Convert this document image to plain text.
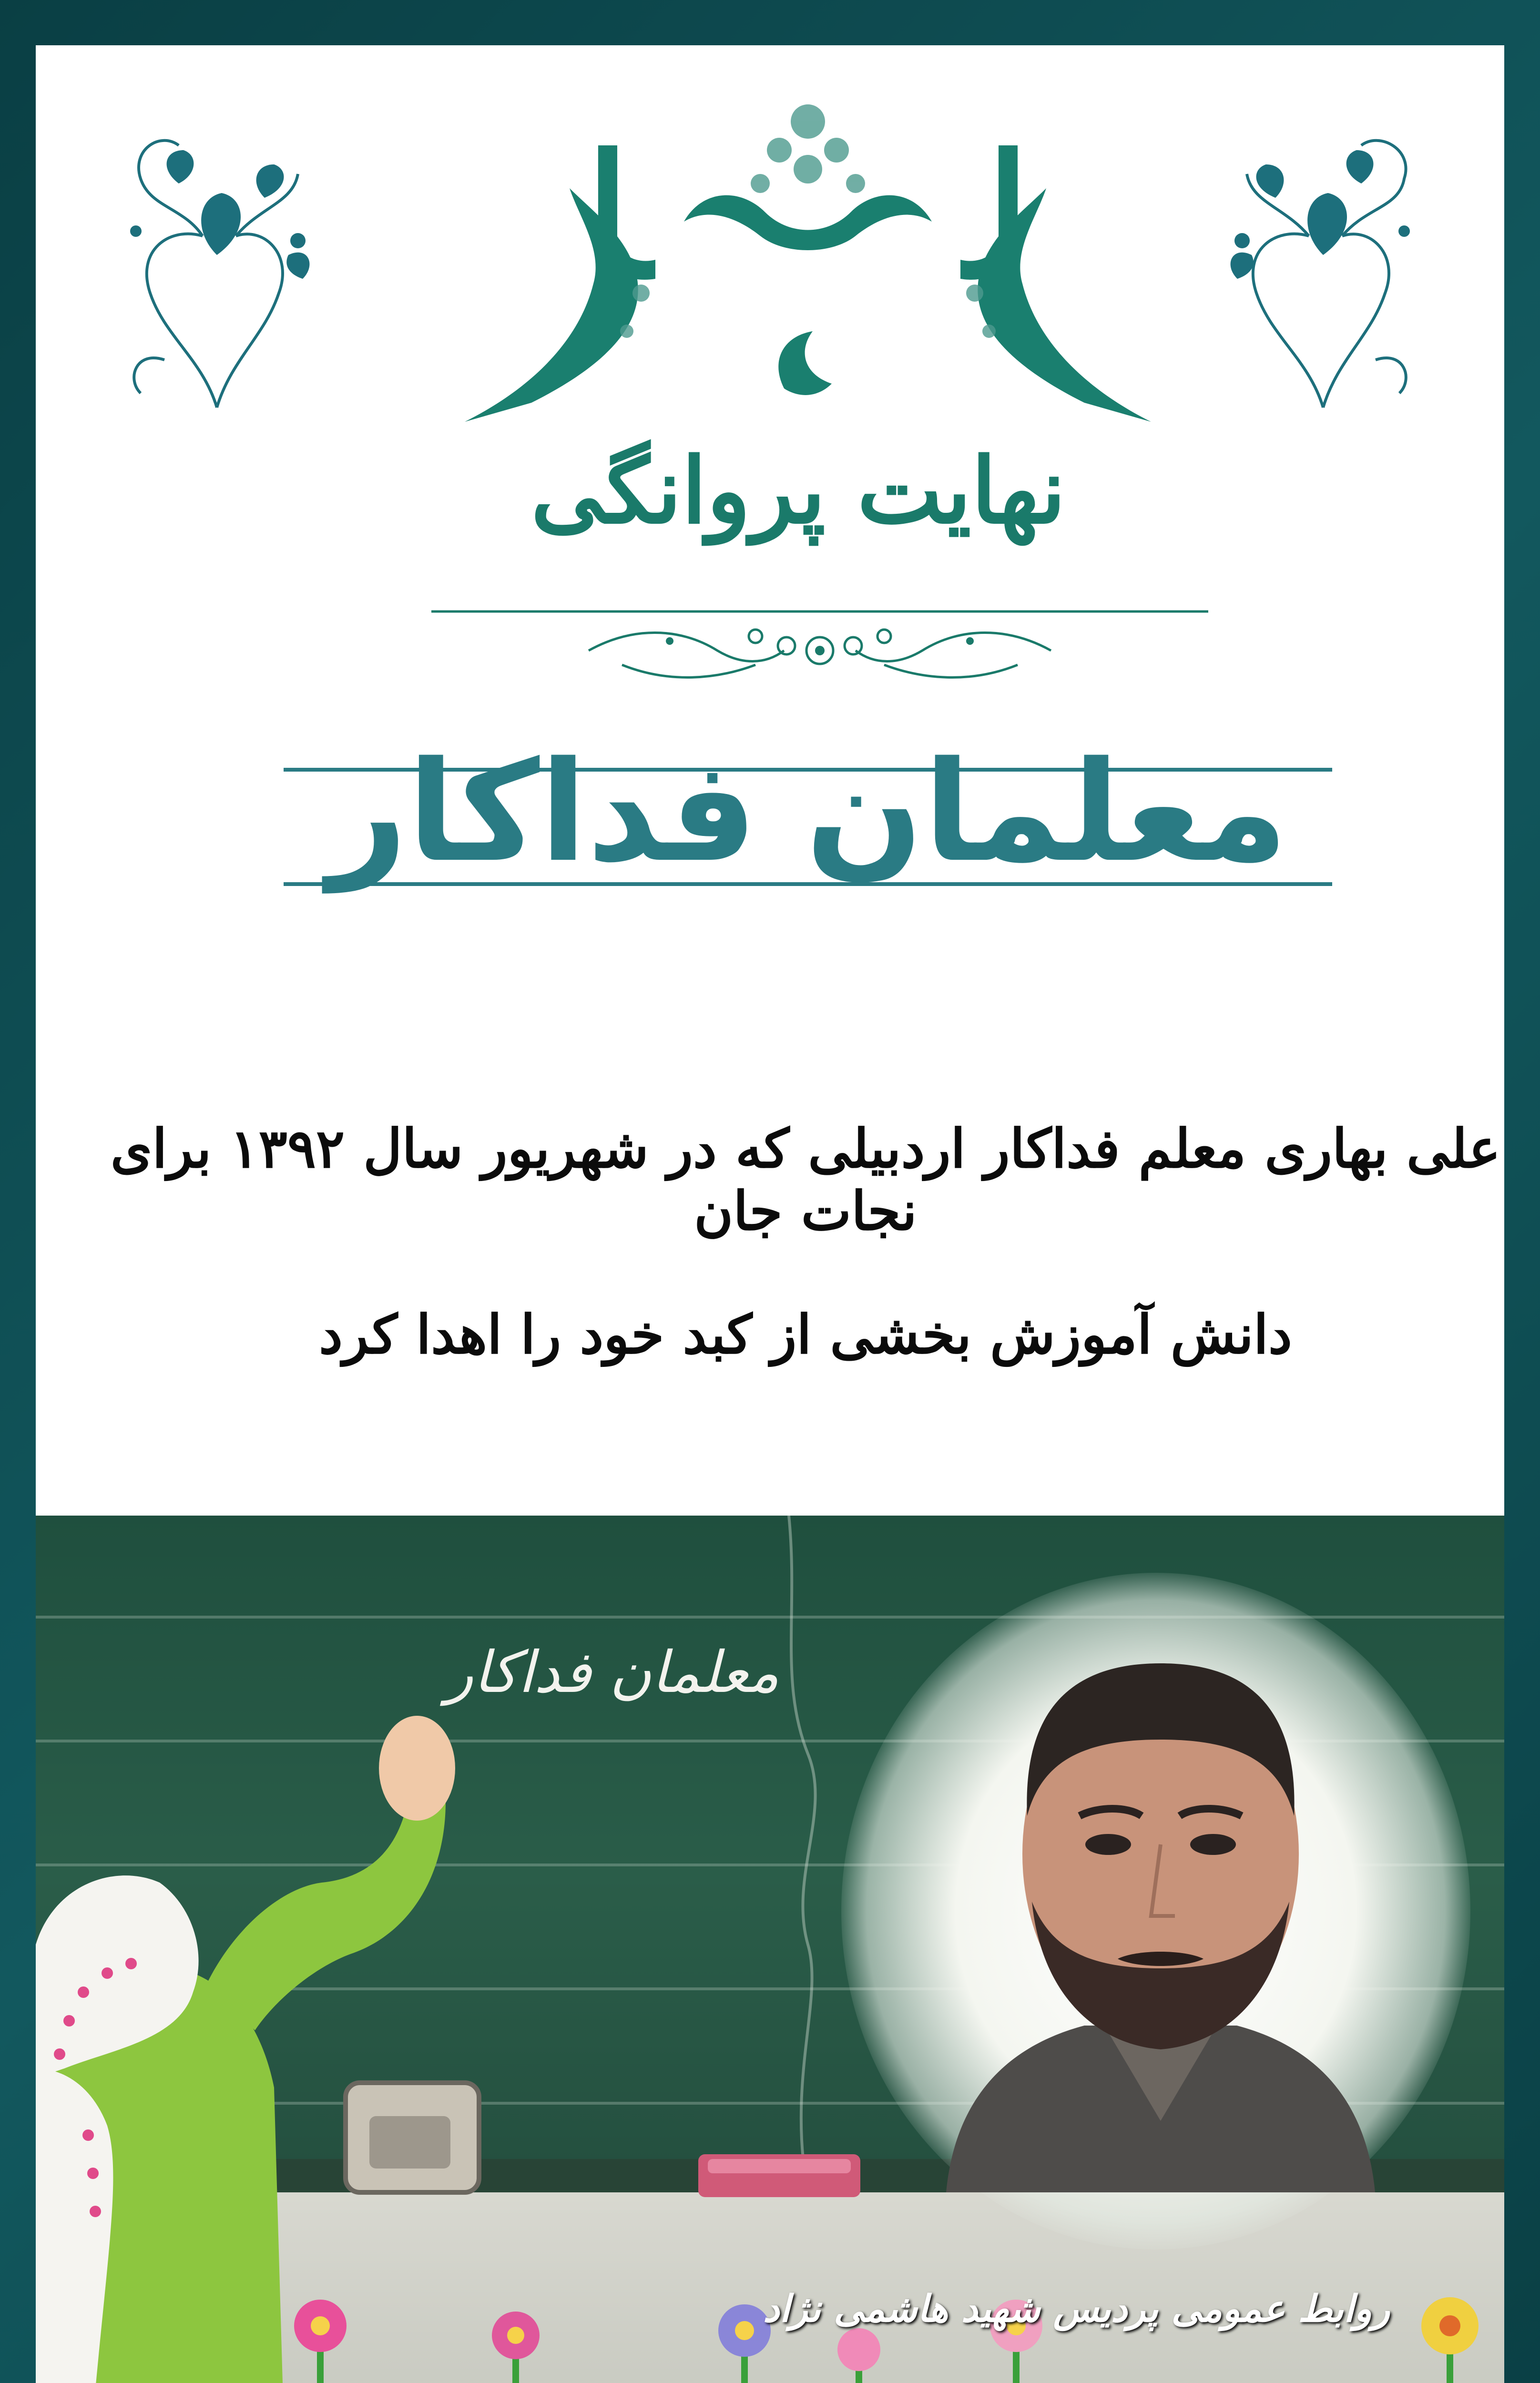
نهایت پروانگی
معلمان فداکار
علی بهاری معلم فداکار اردبیلی که در شهریور سال ۱۳۹۲ برای نجات جان
دانش آموزش بخشی از کبد خود را اهدا کرد
معلمان فداکار
روابط عمومی پردیس شهید هاشمی نژاد
